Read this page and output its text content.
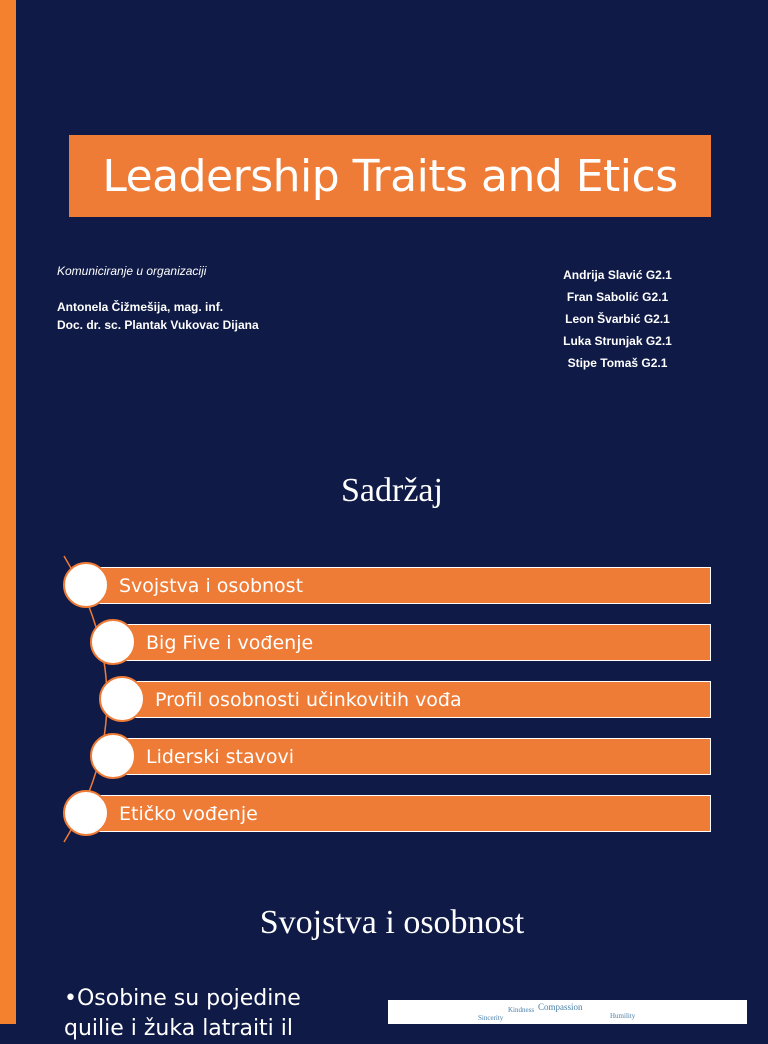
Leadership Traits and Etics
Komuniciranje u organizaciji
Antonela Čižmešija, mag. inf.
Doc. dr. sc. Plantak Vukovac Dijana
Andrija Slavić G2.1
Fran Sabolić G2.1
Leon Švarbić G2.1
Luka Strunjak G2.1
Stipe Tomaš G2.1
Sadržaj
Svojstva i osobnost
Big Five i vođenje
Profil osobnosti učinkovitih vođa
Liderski stavovi
Etičko vođenje
Svojstva i osobnost
•Osobine su pojedine
quilie i žuka latraiti il
Kindness Compassion
Sincerity	Humility
